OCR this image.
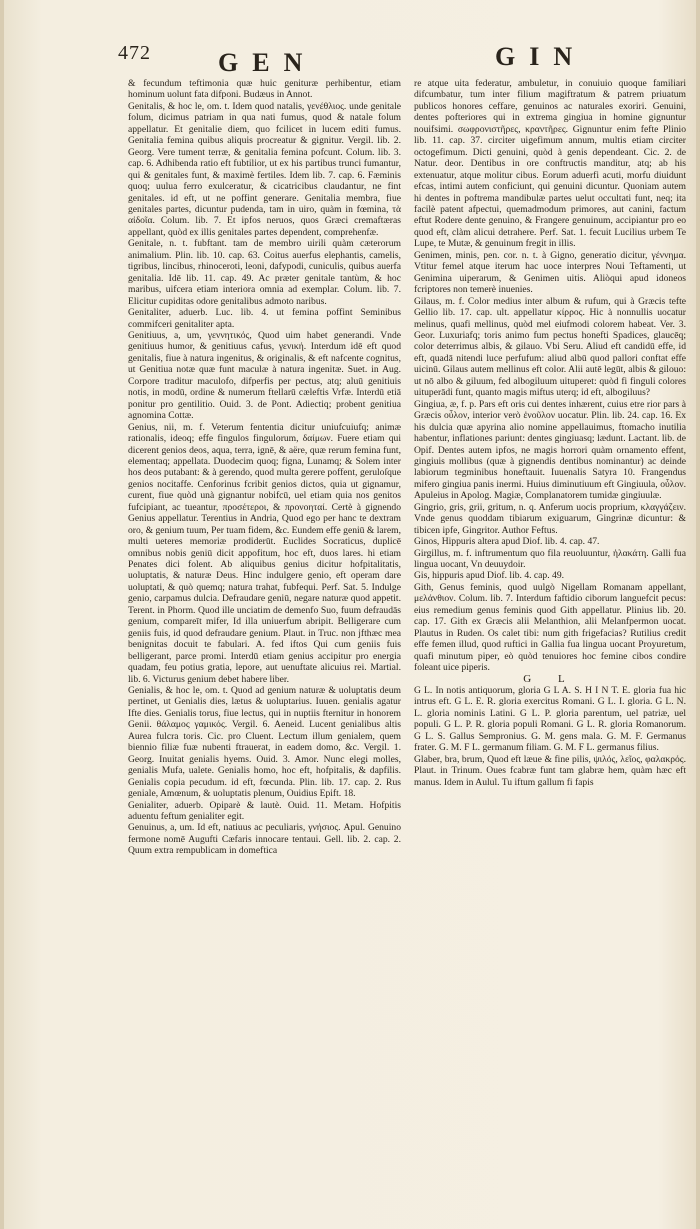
472	GEN	GIN

& fecundum teftimonia quæ huic genituræ perhibentur, etiam hominum uolunt fata difponi. Budæus in Annot.

Genitalis, & hoc le, om. t. Idem quod natalis, γενέθλιος. unde genitale folum, dicimus patriam in qua nati fumus, quod & natale folum appellatur. Et genitalie diem, quo fcilicet in lucem editi fumus. Genitalia femina quibus aliquis procreatur & gignitur. Vergil. lib. 2. Georg. Vere tument terræ, & genitalia femina pofcunt. Colum. lib. 3. cap. 6. Adhibenda ratio eft fubtilior, ut ex his partibus trunci fumantur, qui & genitales funt, & maximè fertiles. Idem lib. 7. cap. 6. Fæminis quoq; uulua ferro exulceratur, & cicatricibus claudantur, ne fint genitales. id eft, ut ne poffint generare. Genitalia membra, fiue genitales partes, dicuntur pudenda, tam in uiro, quàm in fœmina, τὰ αἰδοῖα. Colum. lib. 7. Et ipfos neruos, quos Græci cremaftæras appellant, quòd ex illis genitales partes dependent, comprehenfæ.

Genitale, n. t. fubftant. tam de membro uirili quàm cæterorum animalium. Plin. lib. 10. cap. 63. Coitus auerfus elephantis, camelis, tigribus, lincibus, rhinoceroti, leoni, dafypodi, cuniculis, quibus auerfa genitalia. Idē lib. 11. cap. 49. Ac præter genitale tantùm, & hoc maribus, uifcera etiam interiora omnia ad exemplar. Colum. lib. 7. Elicitur cupiditas odore genitalibus admoto naribus.

Genitaliter, aduerb. Luc. lib. 4. ut femina poffint Seminibus commifceri genitaliter apta.

Genitiuus, a, um, γεννητικός, Quod uim habet generandi. Vnde genitiuus humor, & genitiuus cafus, γενική. Interdum idē eft quod genitalis, fiue à natura ingenitus, & originalis, & eft nafcente cognitus, ut Genitiua notæ quæ funt maculæ à natura ingenitæ. Suet. in Aug. Corpore traditur maculofo, difperfis per pectus, atq; aluū genitiuis notis, in modū, ordine & numerum ftellarū cæleftis Vrfæ. Interdū etiā ponitur pro gentilitio. Ouid. 3. de Pont. Adiectiq; probent genitiua agnomina Cottæ.

Genius, nii, m. f. Veterum fententia dicitur uniufcuiufq; animæ rationalis, ideoq; effe fingulos fingulorum, δαίμων. Fuere etiam qui dicerent genios deos, aqua, terra, ignē, & aëre, quæ rerum femina funt, elementaq; appellata. Duodecim quoq; figna, Lunamq; & Solem inter hos deos putabant: & à gerendo, quod multa gerere poffent, geruloſque genios nocitaffe. Cenforinus fcribit genios dictos, quia ut gignamur, curent, fiue quòd unà gignantur nobifcū, uel etiam quia nos genitos fufcipiant, ac tueantur, προσέτεροι, & προνοηταί. Certè à gignendo Genius appellatur. Terentius in Andria, Quod ego per hanc te dextram oro, & genium tuum, Per tuam fidem, &c. Eundem effe geniū & larem, multi ueteres memoriæ prodiderūt. Euclides Socraticus, duplicē omnibus nobis geniū dicit appofitum, hoc eft, duos lares. hi etiam Penates dici folent. Ab aliquibus genius dicitur hofpitalitatis, uoluptatis, & naturæ Deus. Hinc indulgere genio, eft operam dare uoluptati, & quò quemq; natura trahat, fubfequi. Perf. Sat. 5. Indulge genio, carpamus dulcia. Defraudare geniū, negare naturæ quod appetit. Terent. in Phorm. Quod ille unciatim de demenfo Suo, fuum defraudās genium, compareīt mifer, Id illa uniuerfum abripit. Belligerare cum geniis fuis, id quod defraudare genium. Plaut. in Truc. non jfthæc mea benignitas docuit te fabulari. A. fed iftos Qui cum geniis fuis belligerant, parce promi. Interdū etiam genius accipitur pro energia quadam, feu potius gratia, lepore, aut uenuftate alicuius rei. Martial. lib. 6. Victurus genium debet habere liber.

Genialis, & hoc le, om. t. Quod ad genium naturæ & uoluptatis deum pertinet, ut Genialis dies, lætus & uoluptarius. Iuuen. genialis agatur Ifte dies. Genialis torus, fiue lectus, qui in nuptiis fternitur in honorem Genii. θάλαμος γαμικός. Vergil. 6. Aeneid. Lucent genialibus altis Aurea fulcra toris. Cic. pro Cluent. Lectum illum genialem, quem biennio filiæ fuæ nubenti ftrauerat, in eadem domo, &c. Vergil. 1. Georg. Inuitat genialis hyems. Ouid. 3. Amor. Nunc elegi molles, genialis Mufa, ualete. Genialis homo, hoc eft, hofpitalis, & dapfilis. Genialis copia pecudum. id eft, fœcunda. Plin. lib. 17. cap. 2. Rus geniale, Amœnum, & uoluptatis plenum, Ouidius Epift. 18.

Genialiter, aduerb. Opiparè & lautè. Ouid. 11. Metam. Hofpitis aduentu feftum genialiter egit.

Genuinus, a, um. Id eft, natiuus ac peculiaris, γνήσιος. Apul. Genuino fermone nomē Augufti Cæfaris innocare tentaui. Gell. lib. 2. cap. 2. Quum extra rempublicam in domeftica

re atque uita federatur, ambuletur, in conuiuio quoque familiari difcumbatur, tum inter filium magiftratum & patrem priuatum publicos honores ceffare, genuinos ac naturales exoriri. Genuini, dentes pofteriores qui in extrema gingiua in homine gignuntur nouifsimi. σωφρονιστῆρες, κραντῆρες. Gignuntur enim fefte Plinio lib. 11. cap. 37. circiter uigefimum annum, multis etiam circiter octogefimum. Dicti genuini, quòd à genis dependeant. Cic. 2. de Natur. deor. Dentibus in ore conftructis manditur, atq; ab his extenuatur, atque molitur cibus. Eorum aduerfi acuti, morfu diuidunt efcas, intimi autem conficiunt, qui genuini dicuntur. Quoniam autem hi dentes in poftrema mandibulæ partes uelut occultati funt, neq; ita facilè patent afpectui, quemadmodum primores, aut canini, factum eftut Rodere dente genuino, & Frangere genuinum, accipiantur pro eo quod eft, clàm alicui detrahere. Perf. Sat. 1. fecuit Lucilius urbem Te Lupe, te Mutæ, & genuinum fregit in illis.

Genimen, minis, pen. cor. n. t. à Gigno, generatio dicitur, γέννημα. Vtitur femel atque iterum hac uoce interpres Noui Teftamenti, ut Genimina uiperarum, & Genimen uitis. Aliòqui apud idoneos fcriptores non temerè inuenies.

Gilaus, m. f. Color medius inter album & rufum, qui à Græcis tefte Gellio lib. 17. cap. ult. appellatur κίρρος. Hic à nonnullis uocatur melinus, quafi mellinus, quòd mel eiufmodi colorem habeat. Ver. 3. Geor. Luxuriafq; toris animo fum pectus honefti Spadices, glaucēq; color deterrimus albis, & gilauo. Vbi Seru. Aliud eft candidū effe, id eft, quadā nitendi luce perfufum: aliud albū quod pallori conftat effe uicinū. Gilaus autem mellinus eft color. Alii autē legūt, albis & gilouo: ut nō albo & giluum, fed albogiluum uituperet: quòd fi finguli colores uituperādi funt, quanto magis miftus uterq; id eft, albogiluus?

Gingiua, æ, f. p. Pars eft oris cui dentes inhærent, cuius etre rior pars à Græcis οὖλον, interior verò ἐνοῦλον uocatur. Plin. lib. 24. cap. 16. Ex his dulcia quæ apyrina alio nomine appellauimus, ftomacho inutilia habentur, inflationes pariunt: dentes gingiuasq; lædunt. Lactant. lib. de Opif. Dentes autem ipfos, ne magis horrori quàm ornamento effent, gingiuis mollibus (quæ à gignendis dentibus nominantur) ac deinde labiorum tegminibus honeftauit. Iuuenalis Satyra 10. Frangendus mifero gingiua panis inermi. Huius diminutiuum eft Gingiuula, οὖλον. Apuleius in Apolog. Magiæ, Complanatorem tumidæ gingiuulæ.

Gingrio, gris, grii, gritum, n. q. Anferum uocis proprium, κλαγγάζειν. Vnde genus quoddam tibiarum exiguarum, Gingrinæ dicuntur: & tibicen ipfe, Gingritor. Author Feftus.

Ginos, Hippuris altera apud Diof. lib. 4. cap. 47.

Girgillus, m. f. inftrumentum quo fila reuoluuntur, ἠλακάτη. Galli fua lingua uocant, Vn deuuydoir.

Gis, hippuris apud Diof. lib. 4. cap. 49.

Gith, Genus feminis, quod uulgò Nigellam Romanam appellant, μελάνθιον. Colum. lib. 7. Interdum faftidio ciborum languefcit pecus: eius remedium genus feminis quod Gith appellatur. Plinius lib. 20. cap. 17. Gith ex Græcis alii Melanthion, alii Melanfpermon uocat. Plautus in Ruden. Os calet tibi: num gith frigefacias? Rutilius credit effe femen illud, quod ruftici in Gallia fua lingua uocant Proyuretum, quafi minutum piper, eò quòd tenuiores hoc femine cibos condire foleant uice piperis.

G L

G L. In notis antiquorum, gloria G L A. S. H I N T. E. gloria fua hic intrus eft. G L. E. R. gloria exercitus Romani. G L. I. gloria. G L. N. L. gloria nominis Latini. G L. P. gloria parentum, uel patriæ, uel populi. G L. P. R. gloria populi Romani. G L. R. gloria Romanorum. G L. S. Gallus Sempronius. G. M. gens mala. G. M. F. Germanus frater. G. M. F L. germanum filiam. G. M. F L. germanus filius.

Glaber, bra, brum, Quod eft læue & fine pilis, ψιλός, λεῖος, φαλακρός. Plaut. in Trinum. Oues fcabræ funt tam glabræ hem, quàm hæc eft manus. Idem in Aulul. Tu iftum gallum fi fapis
